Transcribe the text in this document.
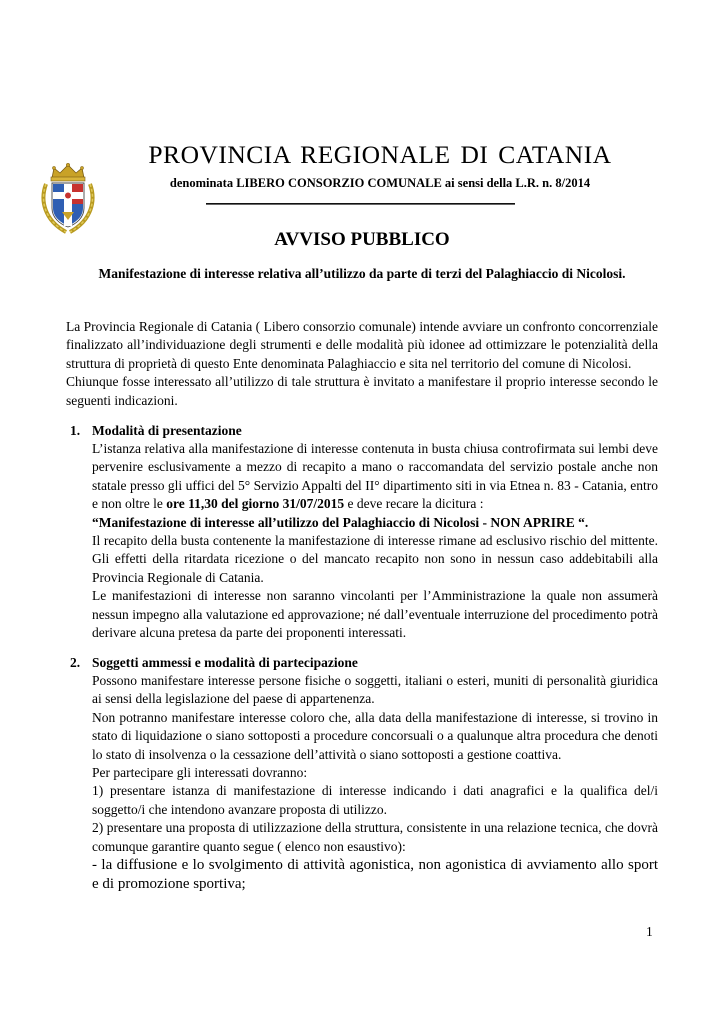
PROVINCIA REGIONALE DI CATANIA
denominata LIBERO CONSORZIO COMUNALE ai sensi della L.R. n. 8/2014
AVVISO PUBBLICO
Manifestazione di interesse relativa all’utilizzo da parte di terzi del Palaghiaccio di Nicolosi.

La Provincia Regionale di Catania ( Libero consorzio comunale) intende avviare un confronto concorrenziale finalizzato all’individuazione degli strumenti e delle modalità più idonee ad ottimizzare le potenzialità della struttura di proprietà di questo Ente denominata Palaghiaccio e sita nel territorio del comune di Nicolosi.
Chiunque fosse interessato all’utilizzo di tale struttura è invitato a manifestare il proprio interesse secondo le seguenti indicazioni.

1. Modalità di presentazione
L’istanza relativa alla manifestazione di interesse contenuta in busta chiusa controfirmata sui lembi deve pervenire esclusivamente a mezzo di recapito a mano o raccomandata del servizio postale anche non statale presso gli uffici del 5° Servizio Appalti del II° dipartimento siti in via Etnea n. 83 - Catania, entro e non oltre le ore 11,30 del giorno 31/07/2015 e deve recare la dicitura :
“Manifestazione di interesse all’utilizzo del Palaghiaccio di Nicolosi - NON APRIRE “.
Il recapito della busta contenente la manifestazione di interesse rimane ad esclusivo rischio del mittente. Gli effetti della ritardata ricezione o del mancato recapito non sono in nessun caso addebitabili alla Provincia Regionale di Catania.
Le manifestazioni di interesse non saranno vincolanti per l’Amministrazione la quale non assumerà nessun impegno alla valutazione ed approvazione; né dall’eventuale interruzione del procedimento potrà derivare alcuna pretesa da parte dei proponenti interessati.
2. Soggetti ammessi e modalità di partecipazione
Possono manifestare interesse persone fisiche o soggetti, italiani o esteri, muniti di personalità giuridica ai sensi della legislazione del paese di appartenenza.
Non potranno manifestare interesse coloro che, alla data della manifestazione di interesse, si trovino in stato di liquidazione o siano sottoposti a procedure concorsuali o a qualunque altra procedura che denoti lo stato di insolvenza o la cessazione dell’attività o siano sottoposti a gestione coattiva.
Per partecipare gli interessati dovranno:
1) presentare istanza di manifestazione di interesse indicando i dati anagrafici e la qualifica del/i soggetto/i che intendono avanzare proposta di utilizzo.
2) presentare una proposta di utilizzazione della struttura, consistente in una relazione tecnica, che dovrà comunque garantire quanto segue ( elenco non esaustivo):
- la diffusione e lo svolgimento di attività agonistica, non agonistica di avviamento allo sport e di promozione sportiva;
1
